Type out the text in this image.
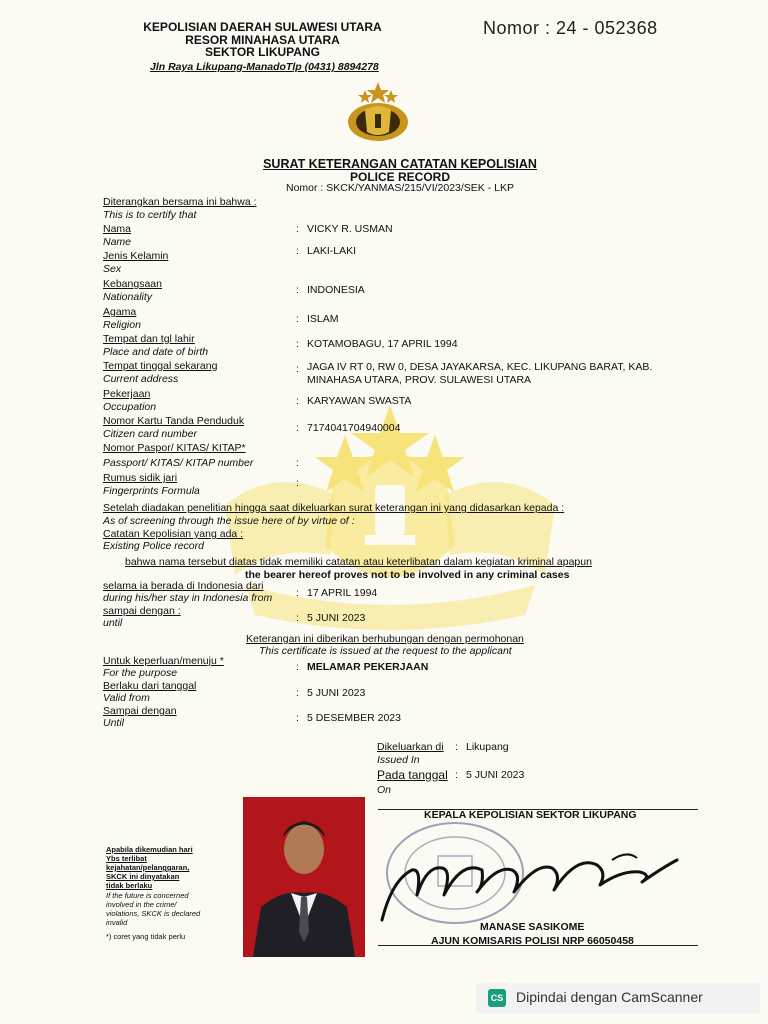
KEPOLISIAN DAERAH SULAWESI UTARA
RESOR MINAHASA UTARA
SEKTOR LIKUPANG
Jln Raya Likupang-ManadoTlp (0431) 8894278
Nomor : 24 - 052368
SURAT KETERANGAN CATATAN KEPOLISIAN
POLICE RECORD
Nomor : SKCK/YANMAS/215/VI/2023/SEK - LKP
Diterangkan bersama ini bahwa :
This is to certify that
Nama
Name
: VICKY R. USMAN
Jenis Kelamin
Sex
: LAKI-LAKI
Kebangsaan
Nationality
: INDONESIA
Agama
Religion	: ISLAM
Tempat dan tgl lahir
Place and date of birth
: KOTAMOBAGU, 17 APRIL 1994
Tempat tinggal sekarang
Current address
: JAGA IV RT 0, RW 0, DESA JAYAKARSA, KEC. LIKUPANG BARAT, KAB.
MINAHASA UTARA, PROV. SULAWESI UTARA
Pekerjaan
Occupation	: KARYAWAN SWASTA
Nomor Kartu Tanda Penduduk
Citizen card number	: 7174041704940004
Nomor Paspor/ KITAS/ KITAP*
Passport/ KITAS/ KITAP number	:
Rumus sidik jari
Fingerprints Formula
:
Setelah diadakan penelitian hingga saat dikeluarkan surat keterangan ini yang didasarkan kepada :
As of screening through the issue here of by virtue of :
Catatan Kepolisian yang ada :
Existing Police record
bahwa nama tersebut diatas tidak memiliki catatan atau keterlibatan dalam kegiatan kriminal apapun
the bearer hereof proves not to be involved in any criminal cases
selama ia berada di Indonesia dari
during his/her stay in Indonesia from : 17 APRIL 1994
sampai dengan :
until	: 5 JUNI 2023
Keterangan ini diberikan berhubungan dengan permohonan
This certificate is issued at the request to the applicant
Untuk keperluan/menuju *
For the purpose	: MELAMAR PEKERJAAN
Berlaku dari tanggal
Valid from	: 5 JUNI 2023
Sampai dengan
Until	: 5 DESEMBER 2023
Dikeluarkan di
Issued In
: Likupang
Pada tanggal
On
: 5 JUNI 2023
KEPALA KEPOLISIAN SEKTOR LIKUPANG
MANASE SASIKOME
AJUN KOMISARIS POLISI NRP 66050458
Apabila dikemudian hari
Ybs terlibat
kejahatan/pelanggaran,
SKCK ini dinyatakan
tidak berlaku
If the future is concerned
involved in the crime/
violations, SKCK is declared
invalid
*) coret yang tidak perlu
CS Dipindai dengan CamScanner
